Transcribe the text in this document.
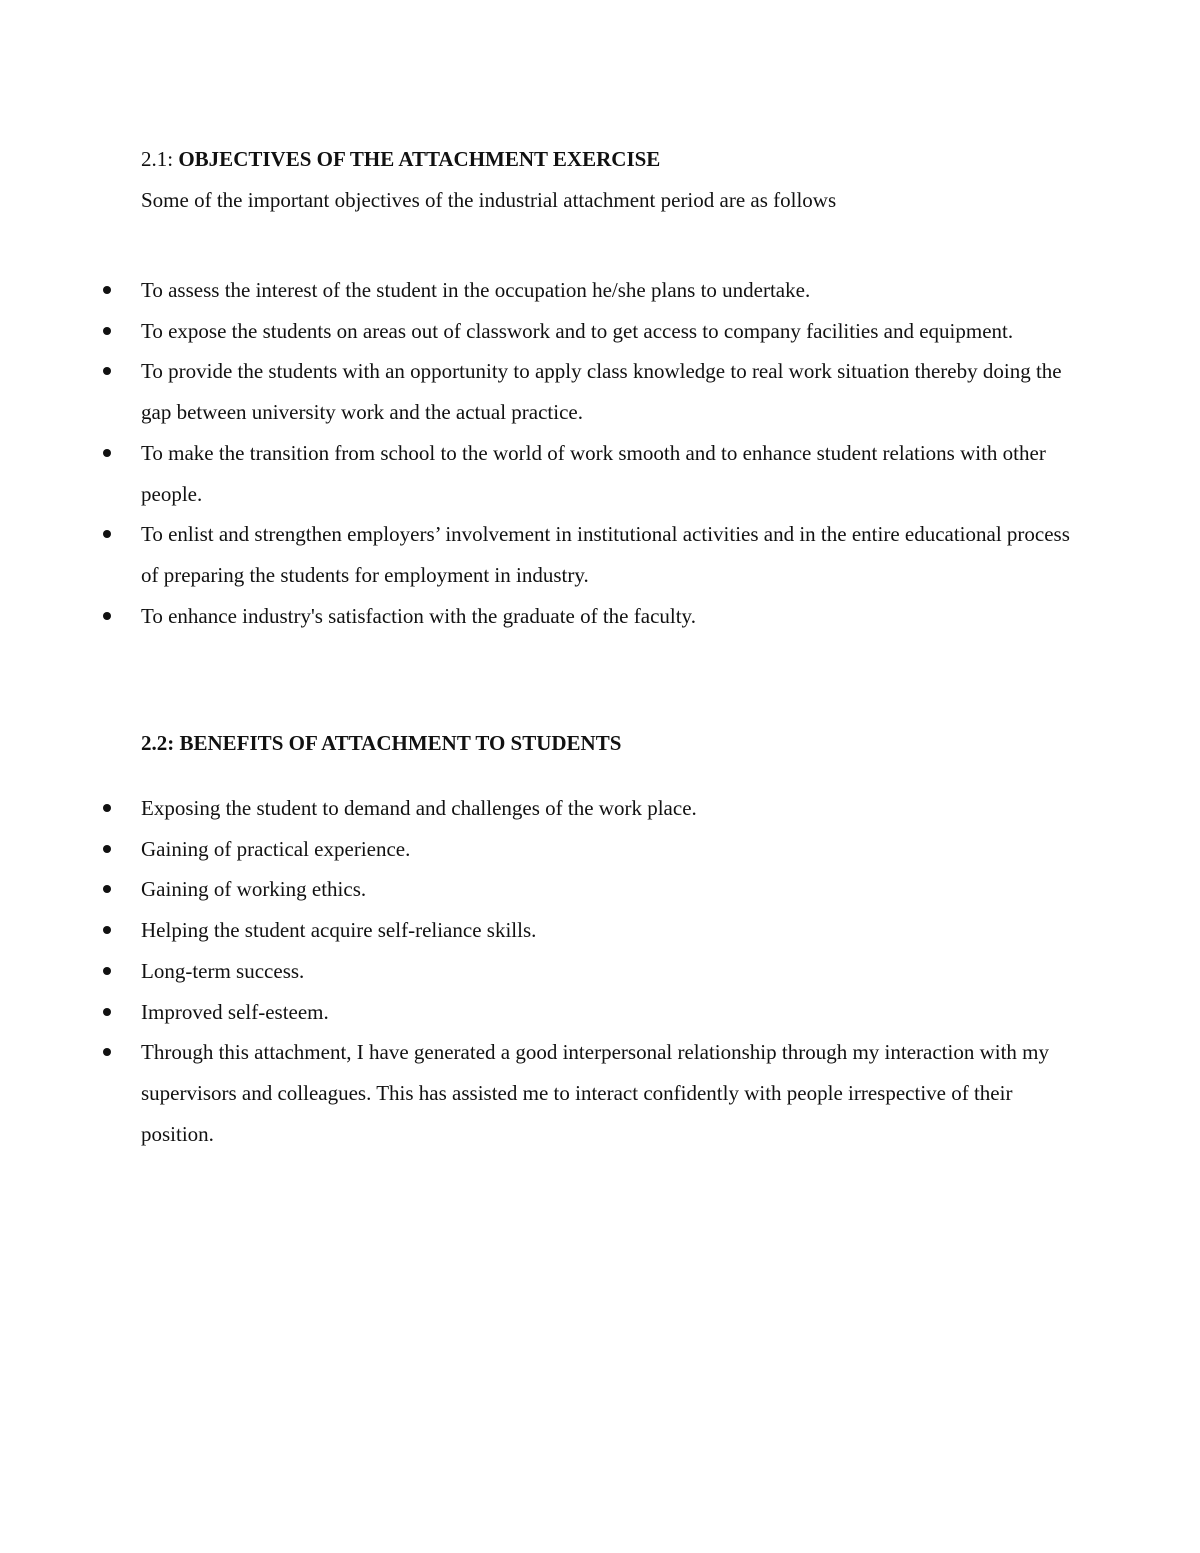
2.1: OBJECTIVES OF THE ATTACHMENT EXERCISE

Some of the important objectives of the industrial attachment period are as follows

To assess the interest of the student in the occupation he/she plans to undertake.
To expose the students on areas out of classwork and to get access to company facilities and equipment.
To provide the students with an opportunity to apply class knowledge to real work situation thereby doing the gap between university work and the actual practice.
To make the transition from school to the world of work smooth and to enhance student relations with other people.
To enlist and strengthen employers’ involvement in institutional activities and in the entire educational process of preparing the students for employment in industry.
To enhance industry's satisfaction with the graduate of the faculty.
2.2: BENEFITS OF ATTACHMENT TO STUDENTS
Exposing the student to demand and challenges of the work place.
Gaining of practical experience.
Gaining of working ethics.
Helping the student acquire self-reliance skills.
Long-term success.
Improved self-esteem.
Through this attachment, I have generated a good interpersonal relationship through my interaction with my supervisors and colleagues. This has assisted me to interact confidently with people irrespective of their position.
